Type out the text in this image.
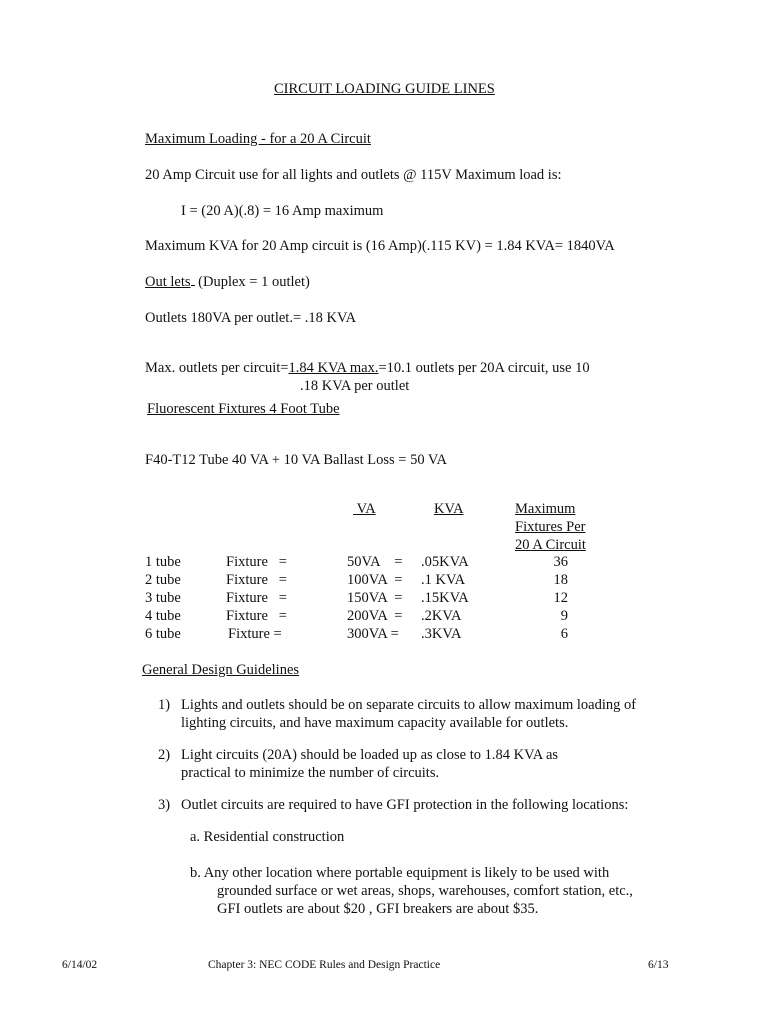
CIRCUIT LOADING GUIDE LINES
Maximum Loading - for a 20 A Circuit
20 Amp Circuit use for all lights and outlets @ 115V Maximum load is:
I = (20 A)(.8) = 16 Amp maximum
Maximum KVA for 20 Amp circuit is (16 Amp)(.115 KV) = 1.84 KVA= 1840VA
Out lets (Duplex = 1 outlet)
Outlets 180VA per outlet.= .18 KVA
Max. outlets per circuit=1.84 KVA max.=10.1 outlets per 20A circuit, use 10
.18 KVA per outlet
Fluorescent Fixtures 4 Foot Tube
F40-T12 Tube 40 VA + 10 VA Ballast Loss = 50 VA
VA	KVA	Maximum
Fixtures Per
20 A Circuit
1 tube	Fixture   =	50VA    = .05KVA	36
2 tube	Fixture   =	100VA  = .1 KVA	18
3 tube	Fixture   =	150VA  = .15KVA	12
4 tube	Fixture   =	200VA  = .2KVA	9
6 tube	Fixture =	300VA = .3KVA	6
General Design Guidelines
1) Lights and outlets should be on separate circuits to allow maximum loading of
lighting circuits, and have maximum capacity available for outlets.
2) Light circuits (20A) should be loaded up as close to 1.84 KVA as
practical to minimize the number of circuits.
3) Outlet circuits are required to have GFI protection in the following locations:
a. Residential construction
b. Any other location where portable equipment is likely to be used with
grounded surface or wet areas, shops, warehouses, comfort station, etc.,
GFI outlets are about $20 , GFI breakers are about $35.
6/14/02	Chapter 3: NEC CODE Rules and Design Practice	6/13
